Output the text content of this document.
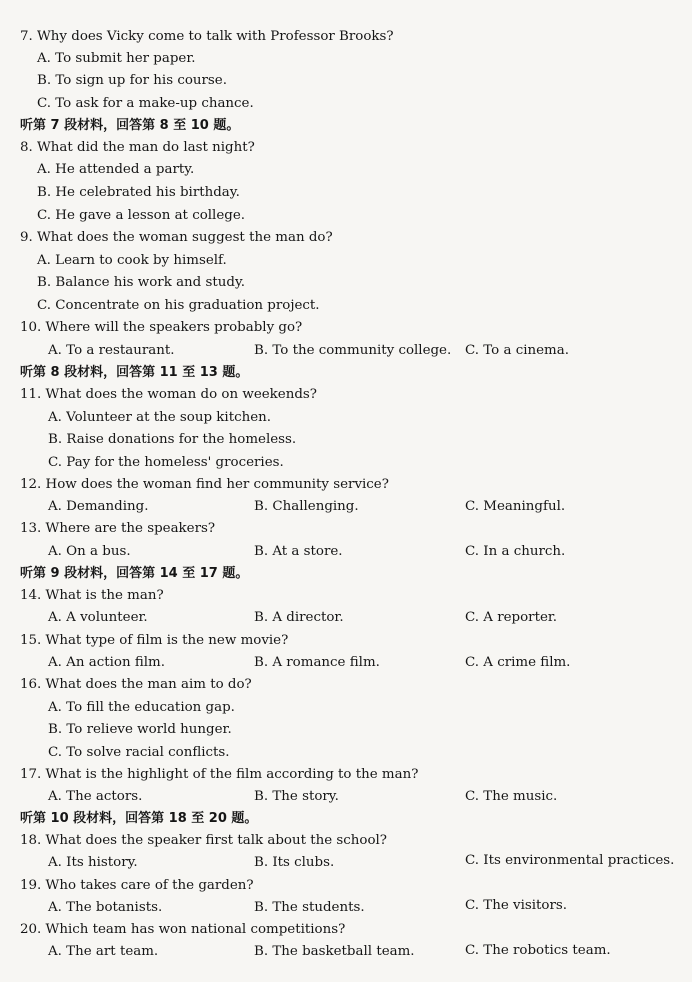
7. Why does Vicky come to talk with Professor Brooks?
A. To submit her paper.
B. To sign up for his course.
C. To ask for a make-up chance.
听第 7 段材料，回答第 8 至 10 题。
8. What did the man do last night?
A. He attended a party.
B. He celebrated his birthday.
C. He gave a lesson at college.
9. What does the woman suggest the man do?
A. Learn to cook by himself.
B. Balance his work and study.
C. Concentrate on his graduation project.
10. Where will the speakers probably go?
A. To a restaurant.	B. To the community college. C. To a cinema.
听第 8 段材料，回答第 11 至 13 题。
11. What does the woman do on weekends?
A. Volunteer at the soup kitchen.
B. Raise donations for the homeless.
C. Pay for the homeless' groceries.
12. How does the woman find her community service?
A. Demanding.	B. Challenging.	C. Meaningful.
13. Where are the speakers?
A. On a bus.	B. At a store.	C. In a church.
听第 9 段材料，回答第 14 至 17 题。
14. What is the man?
A. A volunteer.	B. A director.	C. A reporter.
15. What type of film is the new movie?
A. An action film.	B. A romance film.	C. A crime film.
16. What does the man aim to do?
A. To fill the education gap.
B. To relieve world hunger.
C. To solve racial conflicts.
17. What is the highlight of the film according to the man?
A. The actors.	B. The story.	C. The music.
听第 10 段材料，回答第 18 至 20 题。
18. What does the speaker first talk about the school?
A. Its history.	B. Its clubs.	C. Its environmental practices.
19. Who takes care of the garden?
A. The botanists.	B. The students.	C. The visitors.
20. Which team has won national competitions?
A. The art team.	B. The basketball team.	C. The robotics team.
